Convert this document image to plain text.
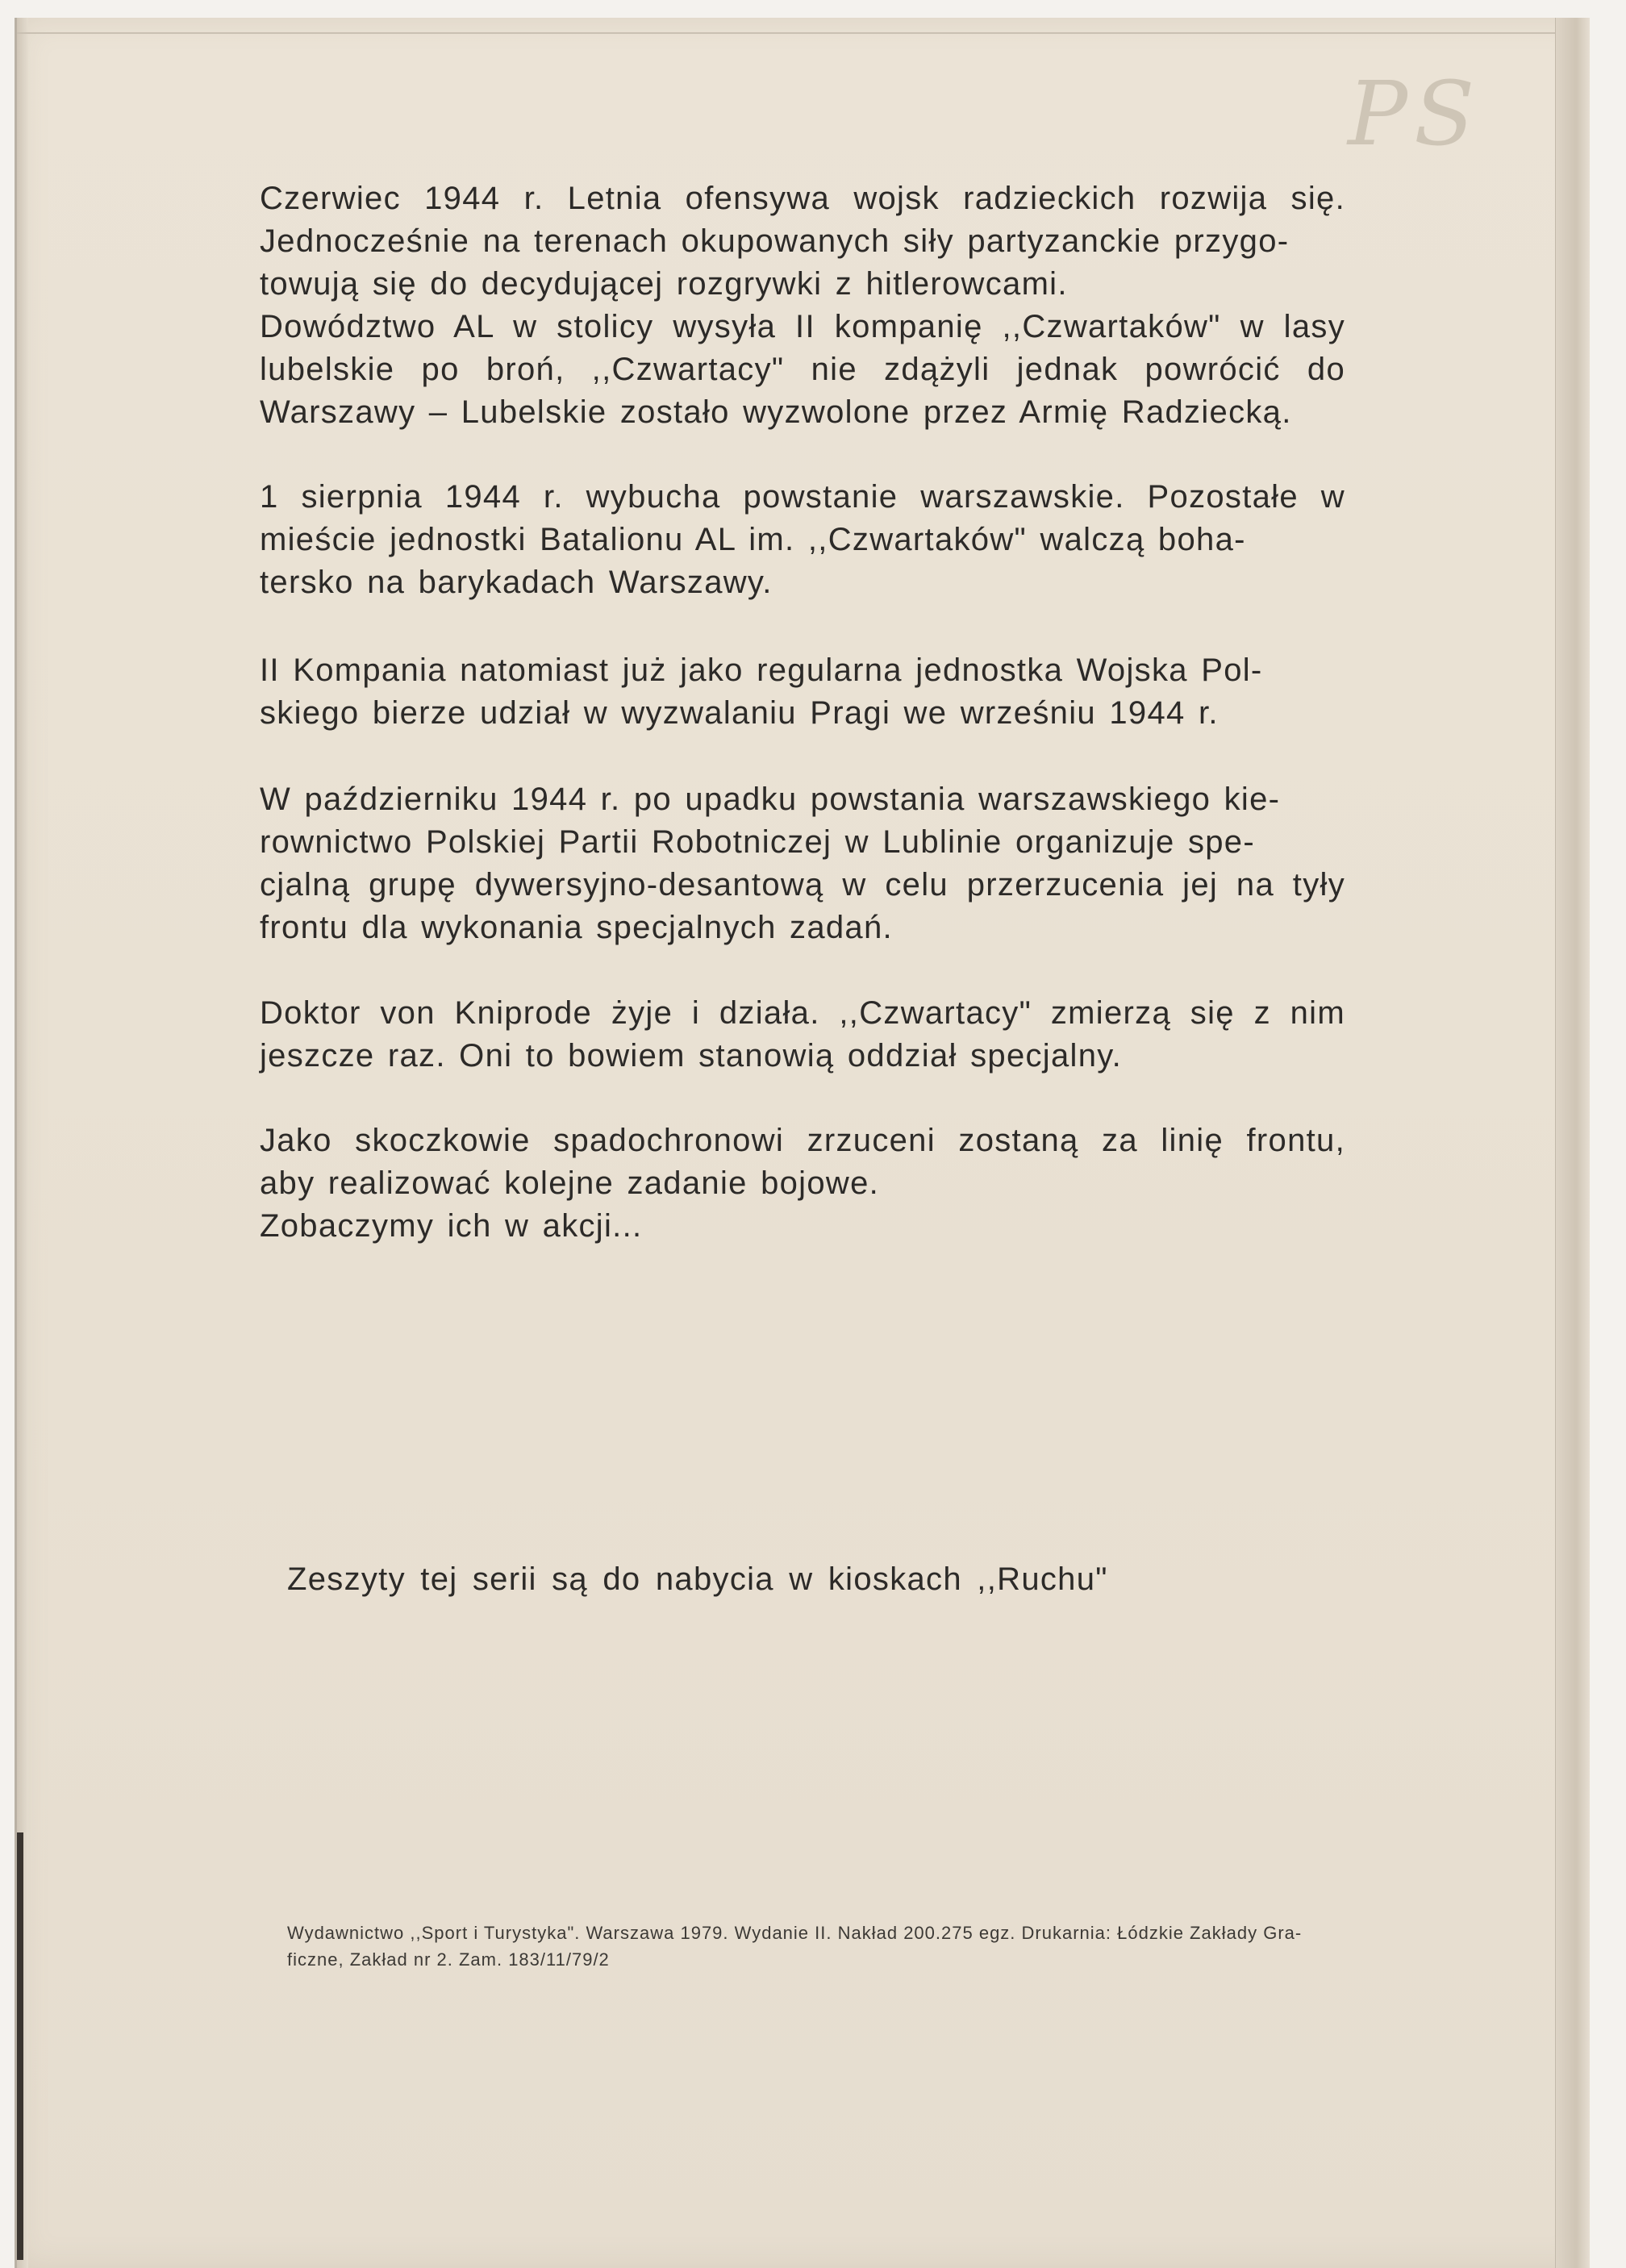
PS

Czerwiec 1944 r. Letnia ofensywa wojsk radzieckich rozwija się. Jednocześnie na terenach okupowanych siły partyzanckie przygo-
towują się do decydującej rozgrywki z hitlerowcami.
Dowództwo AL w stolicy wysyła II kompanię ,,Czwartaków" w lasy lubelskie po broń, ,,Czwartacy" nie zdążyli jednak powrócić do Warszawy – Lubelskie zostało wyzwolone przez Armię Radziecką.

1 sierpnia 1944 r. wybucha powstanie warszawskie. Pozostałe w mieście jednostki Batalionu AL im. ,,Czwartaków" walczą boha-
tersko na barykadach Warszawy.

II Kompania natomiast już jako regularna jednostka Wojska Pol-
skiego bierze udział w wyzwalaniu Pragi we wrześniu 1944 r.

W październiku 1944 r. po upadku powstania warszawskiego kie-
rownictwo Polskiej Partii Robotniczej w Lublinie organizuje spe-
cjalną grupę dywersyjno-desantową w celu przerzucenia jej na tyły frontu dla wykonania specjalnych zadań.

Doktor von Kniprode żyje i działa. ,,Czwartacy" zmierzą się z nim jeszcze raz. Oni to bowiem stanowią oddział specjalny.

Jako skoczkowie spadochronowi zrzuceni zostaną za linię frontu, aby realizować kolejne zadanie bojowe.
Zobaczymy ich w akcji...

Zeszyty tej serii są do nabycia w kioskach ,,Ruchu"

Wydawnictwo ,,Sport i Turystyka". Warszawa 1979. Wydanie II. Nakład 200.275 egz. Drukarnia: Łódzkie Zakłady Gra-
ficzne, Zakład nr 2. Zam. 183/11/79/2
